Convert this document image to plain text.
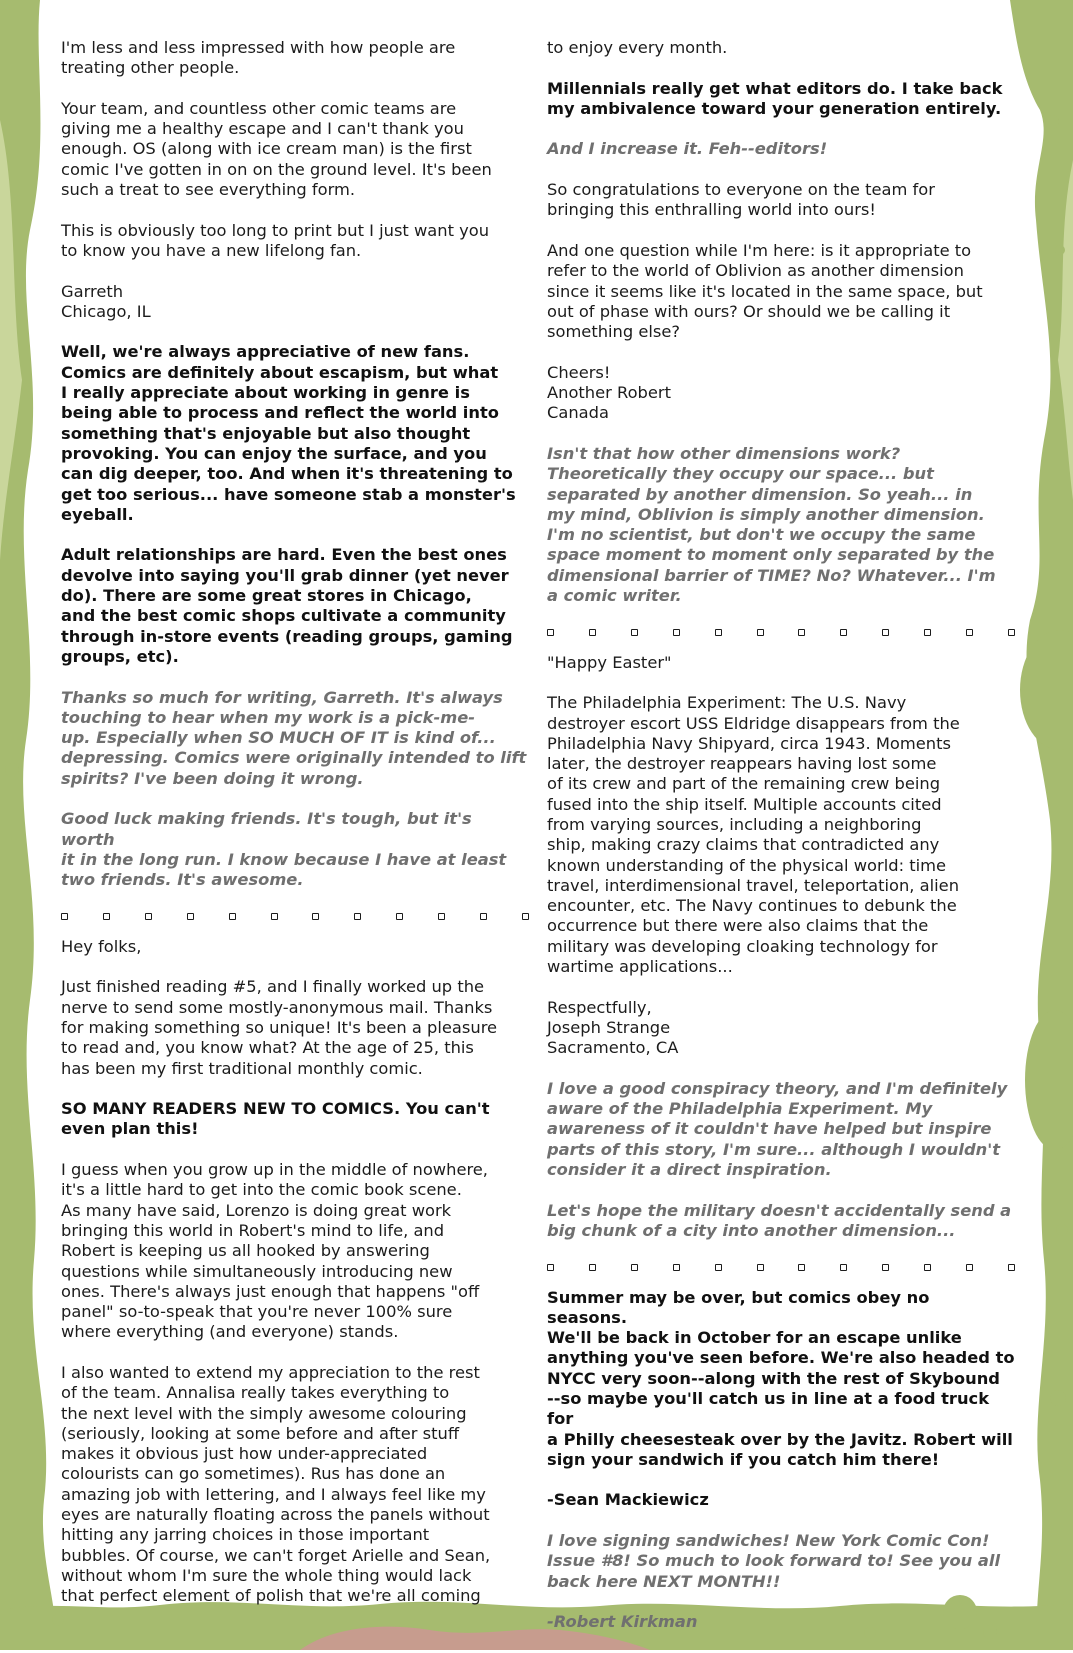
I'm less and less impressed with how people are
treating other people.

Your team, and countless other comic teams are
giving me a healthy escape and I can't thank you
enough. OS (along with ice cream man) is the first
comic I've gotten in on on the ground level. It's been
such a treat to see everything form.

This is obviously too long to print but I just want you
to know you have a new lifelong fan.

Garreth
Chicago, IL

Well, we're always appreciative of new fans.
Comics are definitely about escapism, but what
I really appreciate about working in genre is
being able to process and reflect the world into
something that's enjoyable but also thought
provoking. You can enjoy the surface, and you
can dig deeper, too. And when it's threatening to
get too serious... have someone stab a monster's
eyeball.

Adult relationships are hard. Even the best ones
devolve into saying you'll grab dinner (yet never
do). There are some great stores in Chicago,
and the best comic shops cultivate a community
through in-store events (reading groups, gaming
groups, etc).

Thanks so much for writing, Garreth. It's always
touching to hear when my work is a pick-me-
up. Especially when SO MUCH OF IT is kind of...
depressing. Comics were originally intended to lift
spirits? I've been doing it wrong.

Good luck making friends. It's tough, but it's worth
it in the long run. I know because I have at least
two friends. It's awesome.

Hey folks,

Just finished reading #5, and I finally worked up the
nerve to send some mostly-anonymous mail. Thanks
for making something so unique! It's been a pleasure
to read and, you know what? At the age of 25, this
has been my first traditional monthly comic.

SO MANY READERS NEW TO COMICS. You can't
even plan this!

I guess when you grow up in the middle of nowhere,
it's a little hard to get into the comic book scene.
As many have said, Lorenzo is doing great work
bringing this world in Robert's mind to life, and
Robert is keeping us all hooked by answering
questions while simultaneously introducing new
ones. There's always just enough that happens "off
panel" so-to-speak that you're never 100% sure
where everything (and everyone) stands.

I also wanted to extend my appreciation to the rest
of the team. Annalisa really takes everything to
the next level with the simply awesome colouring
(seriously, looking at some before and after stuff
makes it obvious just how under-appreciated
colourists can go sometimes). Rus has done an
amazing job with lettering, and I always feel like my
eyes are naturally floating across the panels without
hitting any jarring choices in those important
bubbles. Of course, we can't forget Arielle and Sean,
without whom I'm sure the whole thing would lack
that perfect element of polish that we're all coming

to enjoy every month.

Millennials really get what editors do. I take back
my ambivalence toward your generation entirely.

And I increase it. Feh--editors!

So congratulations to everyone on the team for
bringing this enthralling world into ours!

And one question while I'm here: is it appropriate to
refer to the world of Oblivion as another dimension
since it seems like it's located in the same space, but
out of phase with ours? Or should we be calling it
something else?

Cheers!
Another Robert
Canada

Isn't that how other dimensions work?
Theoretically they occupy our space... but
separated by another dimension. So yeah... in
my mind, Oblivion is simply another dimension.
I'm no scientist, but don't we occupy the same
space moment to moment only separated by the
dimensional barrier of TIME? No? Whatever... I'm
a comic writer.

"Happy Easter"

The Philadelphia Experiment: The U.S. Navy
destroyer escort USS Eldridge disappears from the
Philadelphia Navy Shipyard, circa 1943. Moments
later, the destroyer reappears having lost some
of its crew and part of the remaining crew being
fused into the ship itself. Multiple accounts cited
from varying sources, including a neighboring
ship, making crazy claims that contradicted any
known understanding of the physical world: time
travel, interdimensional travel, teleportation, alien
encounter, etc. The Navy continues to debunk the
occurrence but there were also claims that the
military was developing cloaking technology for
wartime applications...

Respectfully,
Joseph Strange
Sacramento, CA

I love a good conspiracy theory, and I'm definitely
aware of the Philadelphia Experiment. My
awareness of it couldn't have helped but inspire
parts of this story, I'm sure... although I wouldn't
consider it a direct inspiration.

Let's hope the military doesn't accidentally send a
big chunk of a city into another dimension...

Summer may be over, but comics obey no seasons.
We'll be back in October for an escape unlike
anything you've seen before. We're also headed to
NYCC very soon--along with the rest of Skybound
--so maybe you'll catch us in line at a food truck for
a Philly cheesesteak over by the Javitz. Robert will
sign your sandwich if you catch him there!

-Sean Mackiewicz

I love signing sandwiches! New York Comic Con!
Issue #8! So much to look forward to! See you all
back here NEXT MONTH!!

-Robert Kirkman
